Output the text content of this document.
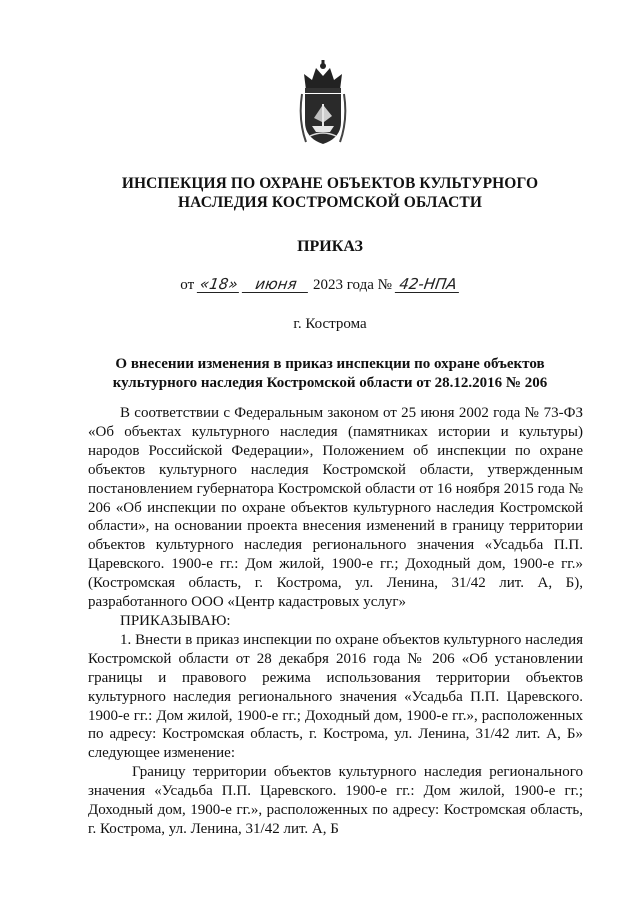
ИНСПЕКЦИЯ ПО ОХРАНЕ ОБЪЕКТОВ КУЛЬТУРНОГО
НАСЛЕДИЯ КОСТРОМСКОЙ ОБЛАСТИ
ПРИКАЗ
от «18» июня 2023 года № 42-НПА
г. Кострома
О внесении изменения в приказ инспекции по охране объектов
культурного наследия Костромской области от 28.12.2016 № 206

В соответствии с Федеральным законом от 25 июня 2002 года № 73-ФЗ «Об объектах культурного наследия (памятниках истории и культуры) народов Российской Федерации», Положением об инспекции по охране объектов культурного наследия Костромской области, утвержденным постановлением губернатора Костромской области от 16 ноября 2015 года № 206 «Об инспекции по охране объектов культурного наследия Костромской области», на основании проекта внесения изменений в границу территории объектов культурного наследия регионального значения «Усадьба П.П. Царевского. 1900-е гг.: Дом жилой, 1900-е гг.; Доходный дом, 1900-е гг.» (Костромская область, г. Кострома, ул. Ленина, 31/42 лит. А, Б), разработанного ООО «Центр кадастровых услуг»

ПРИКАЗЫВАЮ:

1. Внести в приказ инспекции по охране объектов культурного наследия Костромской области от 28 декабря 2016 года № 206 «Об установлении границы и правового режима использования территории объектов культурного наследия регионального значения «Усадьба П.П. Царевского. 1900-е гг.: Дом жилой, 1900-е гг.; Доходный дом, 1900-е гг.», расположенных по адресу: Костромская область, г. Кострома, ул. Ленина, 31/42 лит. А, Б» следующее изменение:

Границу территории объектов культурного наследия регионального значения «Усадьба П.П. Царевского. 1900-е гг.: Дом жилой, 1900-е гг.; Доходный дом, 1900-е гг.», расположенных по адресу: Костромская область, г. Кострома, ул. Ленина, 31/42 лит. А, Б
